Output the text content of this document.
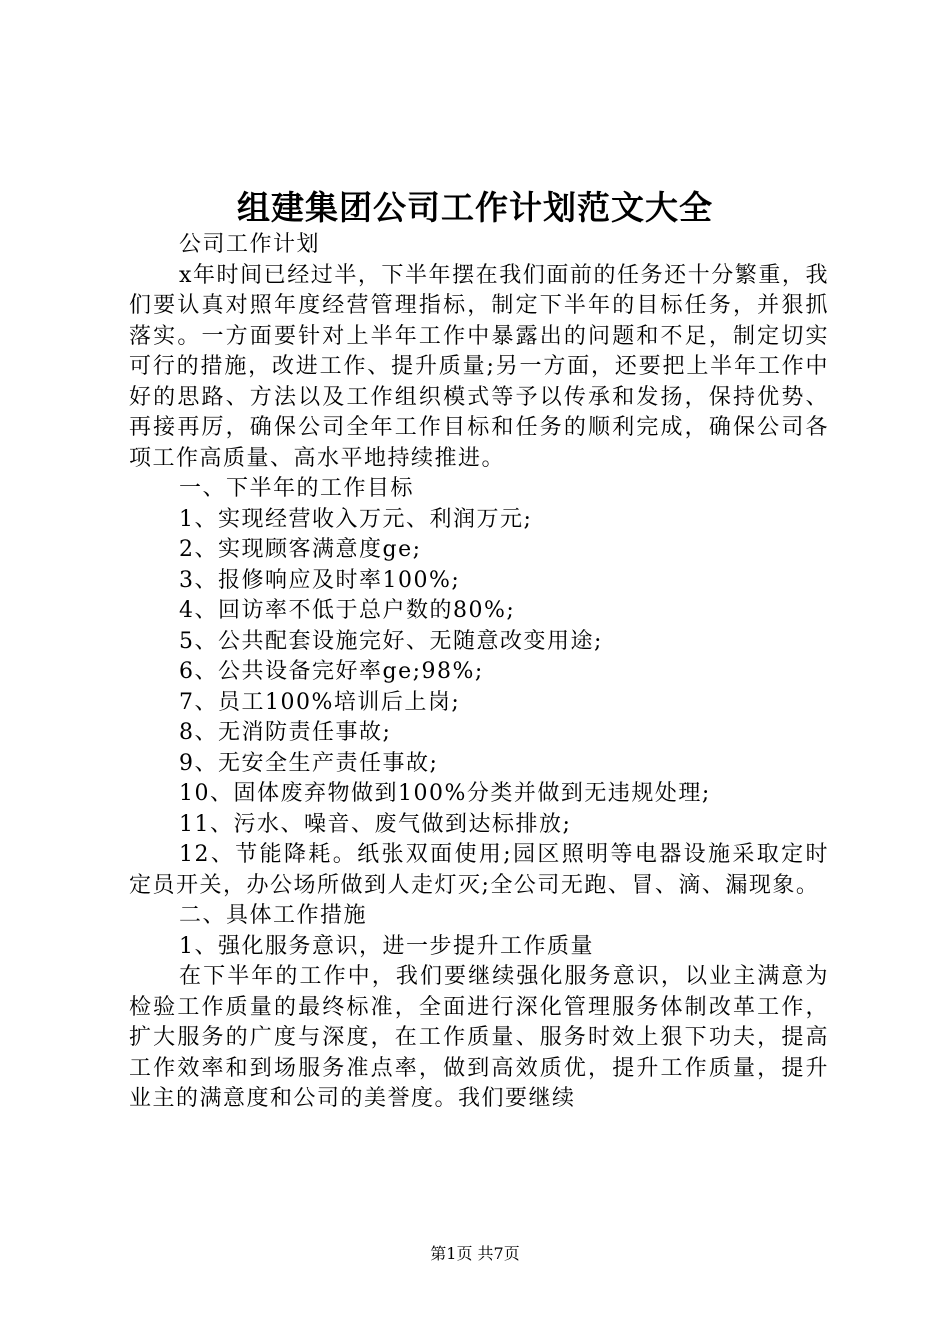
组建集团公司工作计划范文大全

公司工作计划

x年时间已经过半，下半年摆在我们面前的任务还十分繁重，我们要认真对照年度经营管理指标，制定下半年的目标任务，并狠抓落实。一方面要针对上半年工作中暴露出的问题和不足，制定切实可行的措施，改进工作、提升质量;另一方面，还要把上半年工作中好的思路、方法以及工作组织模式等予以传承和发扬，保持优势、再接再厉，确保公司全年工作目标和任务的顺利完成，确保公司各项工作高质量、高水平地持续推进。

一、下半年的工作目标

1、实现经营收入万元、利润万元;

2、实现顾客满意度ge;

3、报修响应及时率100%;

4、回访率不低于总户数的80%;

5、公共配套设施完好、无随意改变用途;

6、公共设备完好率ge;98%;

7、员工100%培训后上岗;

8、无消防责任事故;

9、无安全生产责任事故;

10、固体废弃物做到100%分类并做到无违规处理;

11、污水、噪音、废气做到达标排放;

12、节能降耗。纸张双面使用;园区照明等电器设施采取定时定员开关，办公场所做到人走灯灭;全公司无跑、冒、滴、漏现象。

二、具体工作措施

1、强化服务意识，进一步提升工作质量

在下半年的工作中，我们要继续强化服务意识，以业主满意为检验工作质量的最终标准，全面进行深化管理服务体制改革工作，扩大服务的广度与深度，在工作质量、服务时效上狠下功夫，提高工作效率和到场服务准点率，做到高效质优，提升工作质量，提升业主的满意度和公司的美誉度。我们要继续

第1页 共7页
